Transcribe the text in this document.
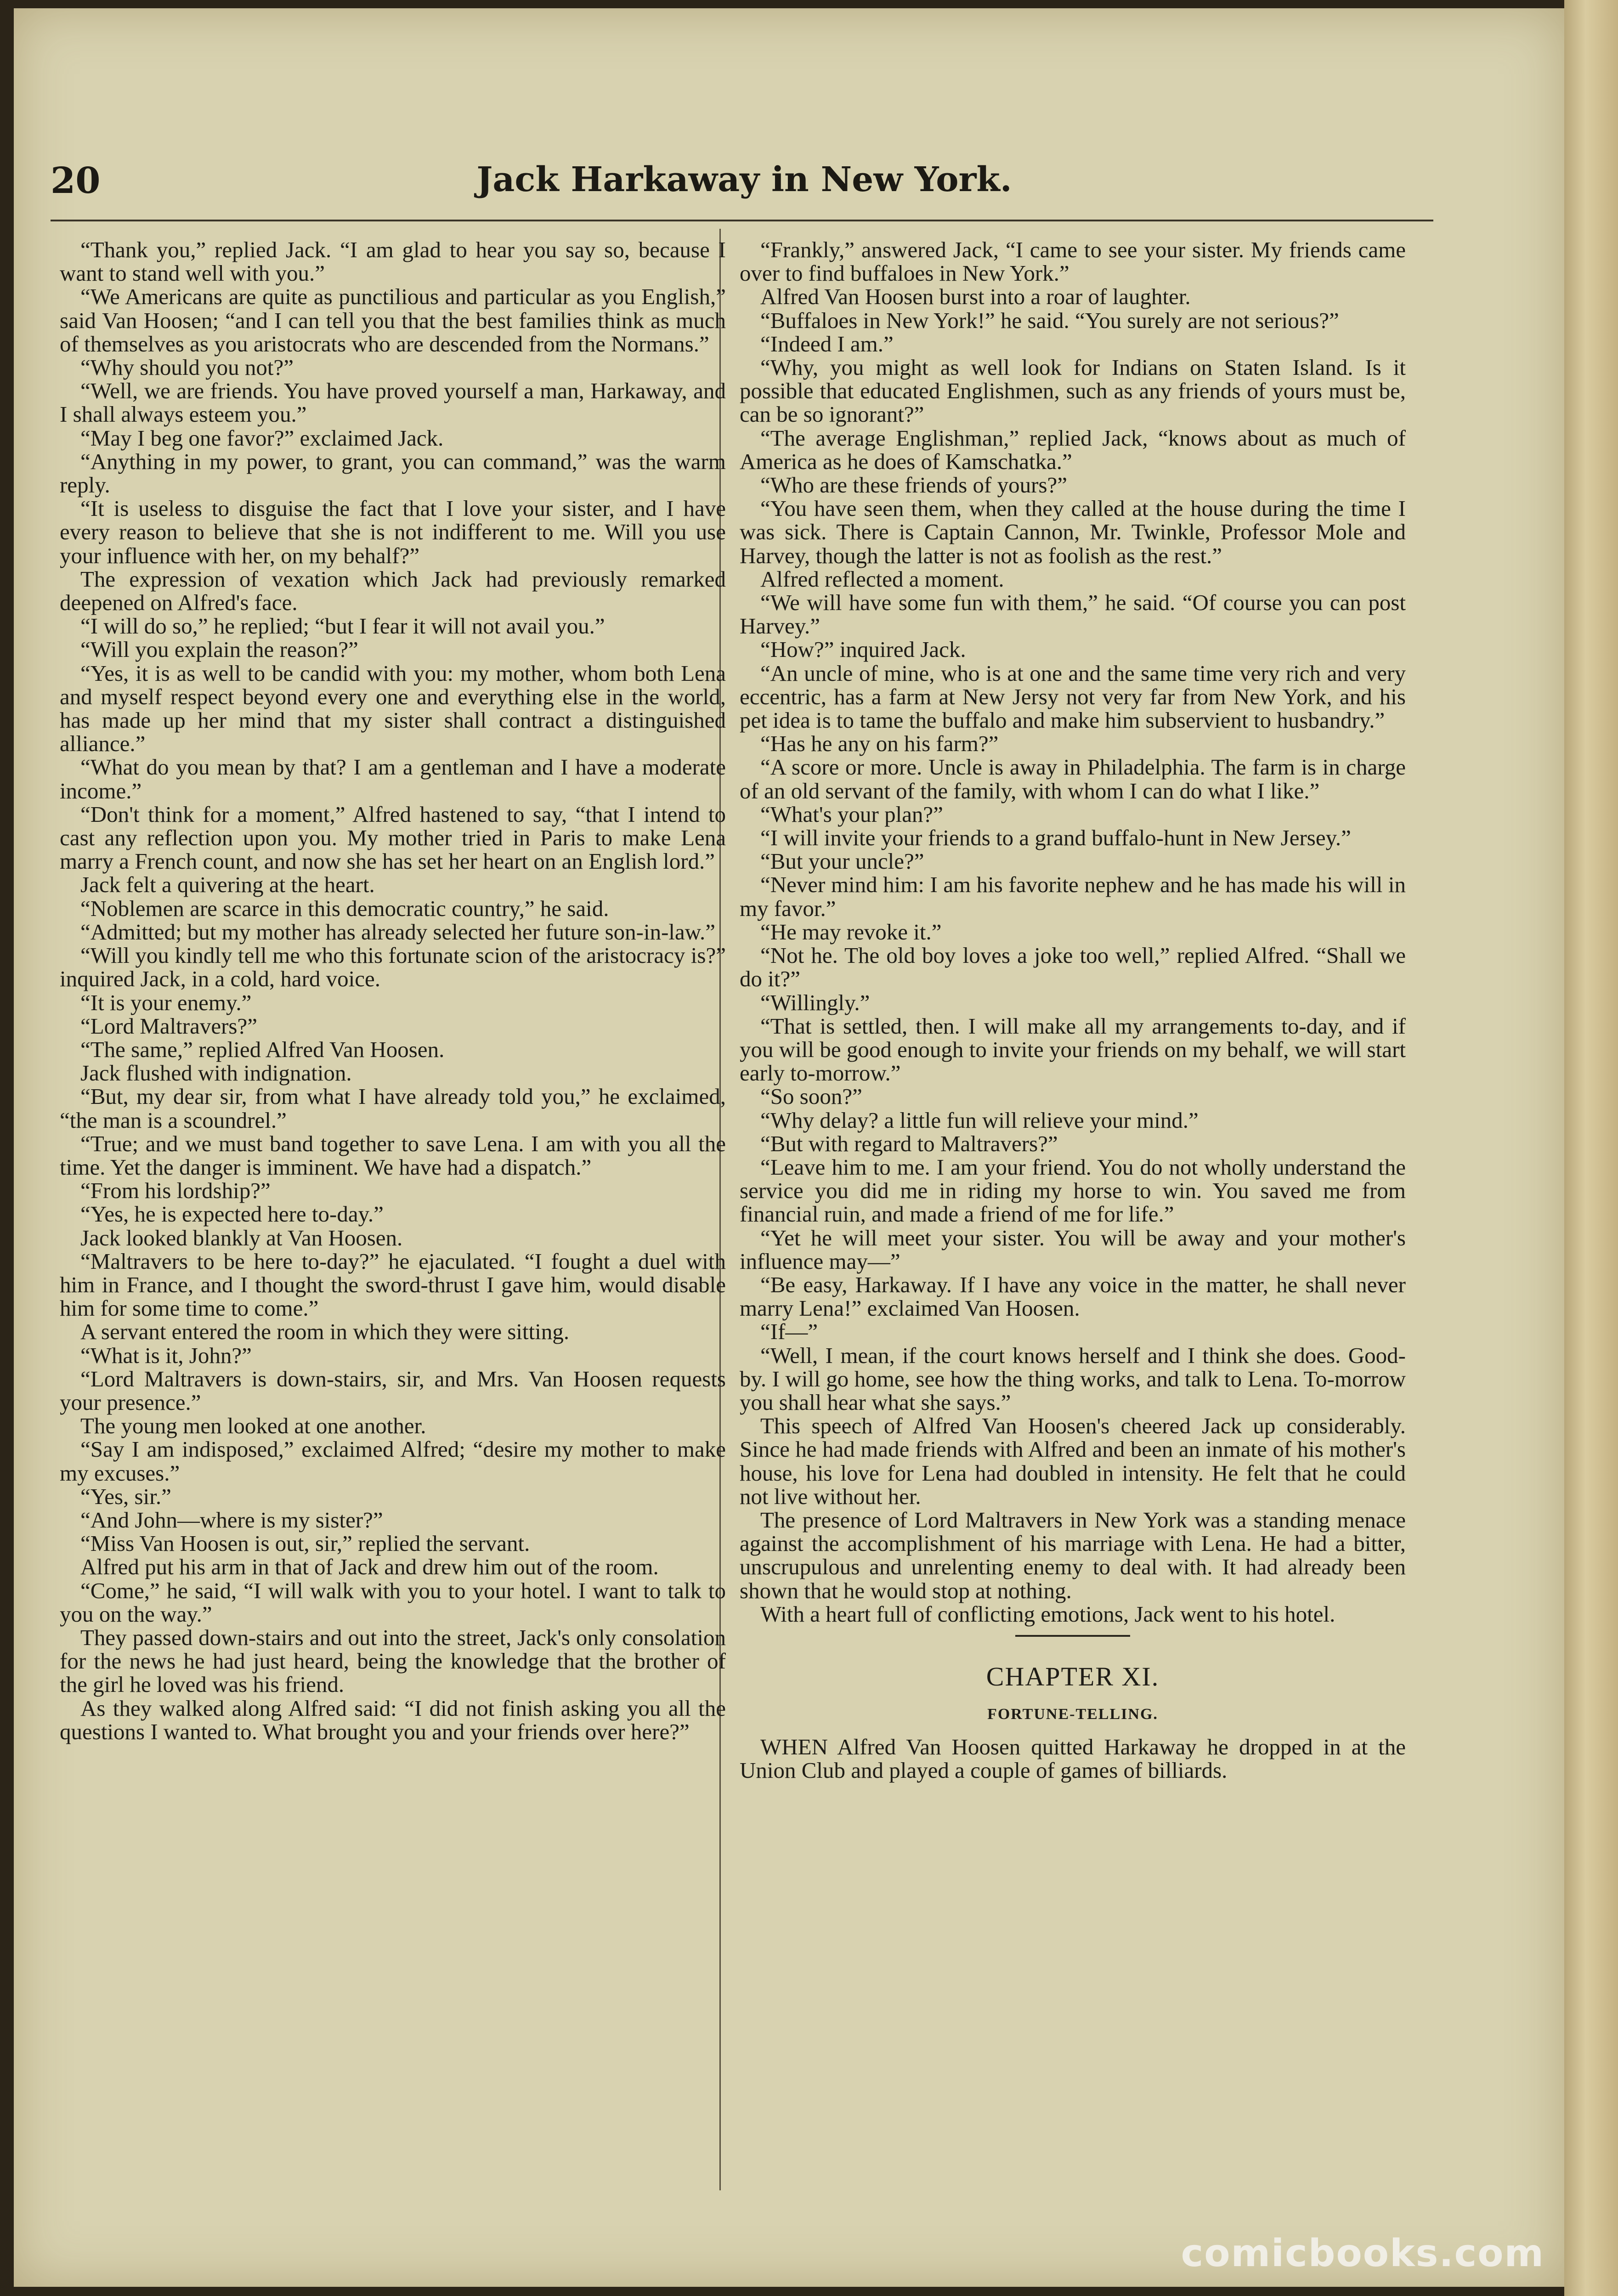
20	Jack Harkaway in New York.

“Thank you,” replied Jack. “I am glad to hear you say so, because I want to stand well with you.”

“We Americans are quite as punctilious and particular as you English,” said Van Hoosen; “and I can tell you that the best families think as much of themselves as you aristocrats who are descended from the Normans.”

“Why should you not?”

“Well, we are friends. You have proved yourself a man, Harkaway, and I shall always esteem you.”

“May I beg one favor?” exclaimed Jack.

“Anything in my power, to grant, you can command,” was the warm reply.

“It is useless to disguise the fact that I love your sister, and I have every reason to believe that she is not indifferent to me. Will you use your influence with her, on my behalf?”

The expression of vexation which Jack had previously remarked deepened on Alfred's face.

“I will do so,” he replied; “but I fear it will not avail you.”

“Will you explain the reason?”

“Yes, it is as well to be candid with you: my mother, whom both Lena and myself respect beyond every one and everything else in the world, has made up her mind that my sister shall contract a distinguished alliance.”

“What do you mean by that? I am a gentleman and I have a moderate income.”

“Don't think for a moment,” Alfred hastened to say, “that I intend to cast any reflection upon you. My mother tried in Paris to make Lena marry a French count, and now she has set her heart on an English lord.”

Jack felt a quivering at the heart.

“Noblemen are scarce in this democratic country,” he said.

“Admitted; but my mother has already selected her future son-in-law.”

“Will you kindly tell me who this fortunate scion of the aristocracy is?” inquired Jack, in a cold, hard voice.

“It is your enemy.”

“Lord Maltravers?”

“The same,” replied Alfred Van Hoosen.

Jack flushed with indignation.

“But, my dear sir, from what I have already told you,” he exclaimed, “the man is a scoundrel.”

“True; and we must band together to save Lena. I am with you all the time. Yet the danger is imminent. We have had a dispatch.”

“From his lordship?”

“Yes, he is expected here to-day.”

Jack looked blankly at Van Hoosen.

“Maltravers to be here to-day?” he ejaculated. “I fought a duel with him in France, and I thought the sword-thrust I gave him, would disable him for some time to come.”

A servant entered the room in which they were sitting.

“What is it, John?”

“Lord Maltravers is down-stairs, sir, and Mrs. Van Hoosen requests your presence.”

The young men looked at one another.

“Say I am indisposed,” exclaimed Alfred; “desire my mother to make my excuses.”

“Yes, sir.”

“And John—where is my sister?”

“Miss Van Hoosen is out, sir,” replied the servant.

Alfred put his arm in that of Jack and drew him out of the room.

“Come,” he said, “I will walk with you to your hotel. I want to talk to you on the way.”

They passed down-stairs and out into the street, Jack's only consolation for the news he had just heard, being the knowledge that the brother of the girl he loved was his friend.

As they walked along Alfred said: “I did not finish asking you all the questions I wanted to. What brought you and your friends over here?”

“Frankly,” answered Jack, “I came to see your sister. My friends came over to find buffaloes in New York.”

Alfred Van Hoosen burst into a roar of laughter.

“Buffaloes in New York!” he said. “You surely are not serious?”

“Indeed I am.”

“Why, you might as well look for Indians on Staten Island. Is it possible that educated Englishmen, such as any friends of yours must be, can be so ignorant?”

“The average Englishman,” replied Jack, “knows about as much of America as he does of Kamschatka.”

“Who are these friends of yours?”

“You have seen them, when they called at the house during the time I was sick. There is Captain Cannon, Mr. Twinkle, Professor Mole and Harvey, though the latter is not as foolish as the rest.”

Alfred reflected a moment.

“We will have some fun with them,” he said. “Of course you can post Harvey.”

“How?” inquired Jack.

“An uncle of mine, who is at one and the same time very rich and very eccentric, has a farm at New Jersy not very far from New York, and his pet idea is to tame the buffalo and make him subservient to husbandry.”

“Has he any on his farm?”

“A score or more. Uncle is away in Philadelphia. The farm is in charge of an old servant of the family, with whom I can do what I like.”

“What's your plan?”

“I will invite your friends to a grand buffalo-hunt in New Jersey.”

“But your uncle?”

“Never mind him: I am his favorite nephew and he has made his will in my favor.”

“He may revoke it.”

“Not he. The old boy loves a joke too well,” replied Alfred. “Shall we do it?”

“Willingly.”

“That is settled, then. I will make all my arrangements to-day, and if you will be good enough to invite your friends on my behalf, we will start early to-morrow.”

“So soon?”

“Why delay? a little fun will relieve your mind.”

“But with regard to Maltravers?”

“Leave him to me. I am your friend. You do not wholly understand the service you did me in riding my horse to win. You saved me from financial ruin, and made a friend of me for life.”

“Yet he will meet your sister. You will be away and your mother's influence may—”

“Be easy, Harkaway. If I have any voice in the matter, he shall never marry Lena!” exclaimed Van Hoosen.

“If—”

“Well, I mean, if the court knows herself and I think she does. Good-by. I will go home, see how the thing works, and talk to Lena. To-morrow you shall hear what she says.”

This speech of Alfred Van Hoosen's cheered Jack up considerably. Since he had made friends with Alfred and been an inmate of his mother's house, his love for Lena had doubled in intensity. He felt that he could not live without her.

The presence of Lord Maltravers in New York was a standing menace against the accomplishment of his marriage with Lena. He had a bitter, unscrupulous and unrelenting enemy to deal with. It had already been shown that he would stop at nothing.

With a heart full of conflicting emotions, Jack went to his hotel.

CHAPTER XI.
FORTUNE-TELLING.

WHEN Alfred Van Hoosen quitted Harkaway he dropped in at the Union Club and played a couple of games of billiards.

comicbooks.com
